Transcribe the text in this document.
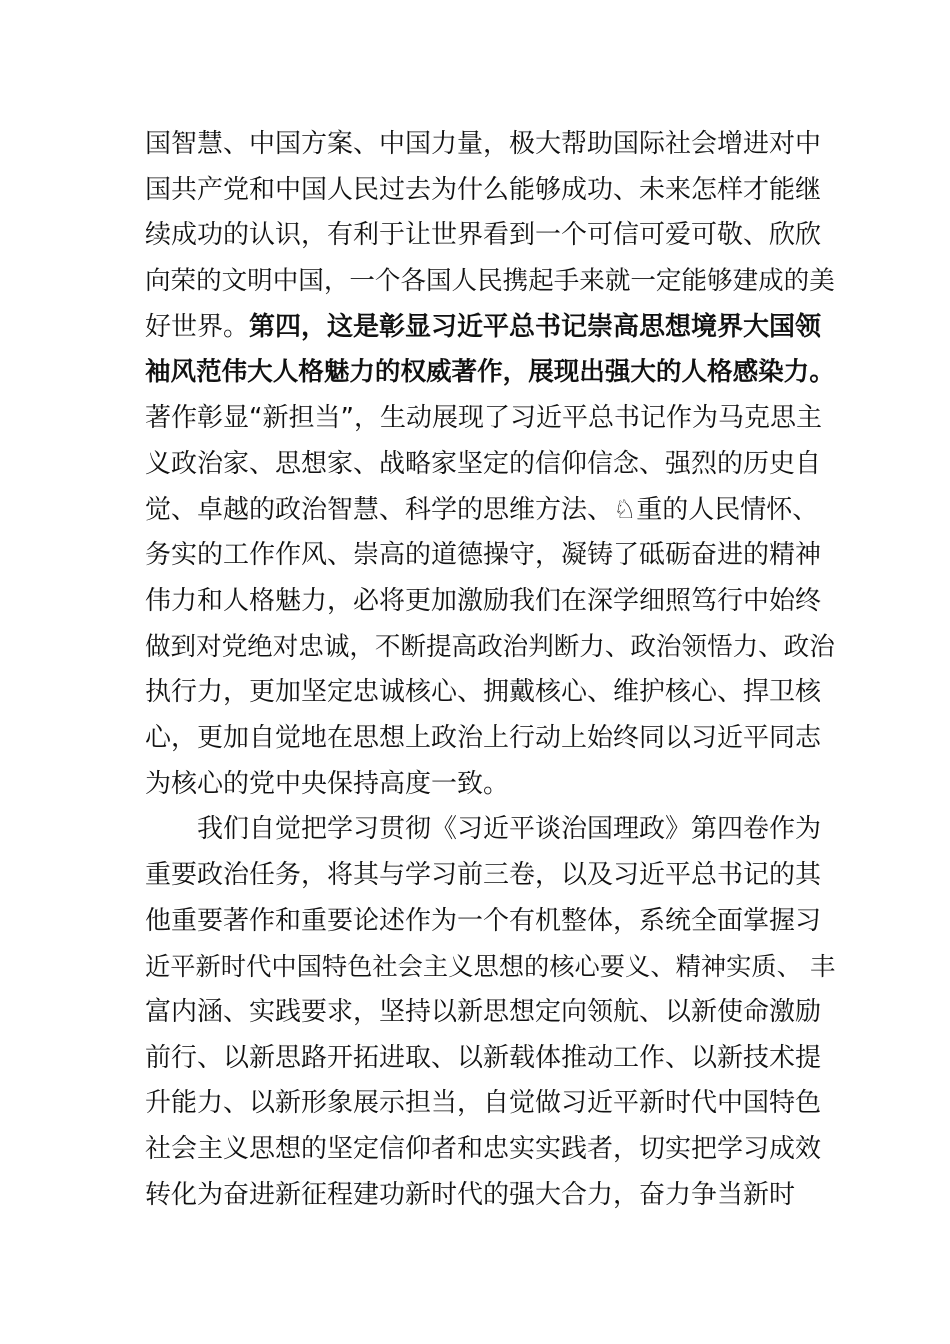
国智慧、中国方案、中国力量，极大帮助国际社会增进对中
国共产党和中国人民过去为什么能够成功、未来怎样才能继
续成功的认识，有利于让世界看到一个可信可爱可敬、欣欣
向荣的文明中国，一个各国人民携起手来就一定能够建成的美
好世界。第四，这是彰显习近平总书记崇高思想境界大国领
袖风范伟大人格魅力的权威著作，展现出强大的人格感染力。
著作彰显“新担当”，生动展现了习近平总书记作为马克思主
义政治家、思想家、战略家坚定的信仰信念、强烈的历史自
觉、卓越的政治智慧、科学的思维方法、♘重的人民情怀、
务实的工作作风、崇高的道德操守，凝铸了砥砺奋进的精神
伟力和人格魅力，必将更加激励我们在深学细照笃行中始终
做到对党绝对忠诚，不断提高政治判断力、政治领悟力、政治
执行力，更加坚定忠诚核心、拥戴核心、维护核心、捍卫核
心，更加自觉地在思想上政治上行动上始终同以习近平同志
为核心的党中央保持高度一致。
　　我们自觉把学习贯彻《习近平谈治国理政》第四卷作为
重要政治任务，将其与学习前三卷，以及习近平总书记的其
他重要著作和重要论述作为一个有机整体，系统全面掌握习
近平新时代中国特色社会主义思想的核心要义、精神实质、 丰
富内涵、实践要求，坚持以新思想定向领航、以新使命激励
前行、以新思路开拓进取、以新载体推动工作、以新技术提
升能力、以新形象展示担当，自觉做习近平新时代中国特色
社会主义思想的坚定信仰者和忠实实践者，切实把学习成效
转化为奋进新征程建功新时代的强大合力，奋力争当新时
